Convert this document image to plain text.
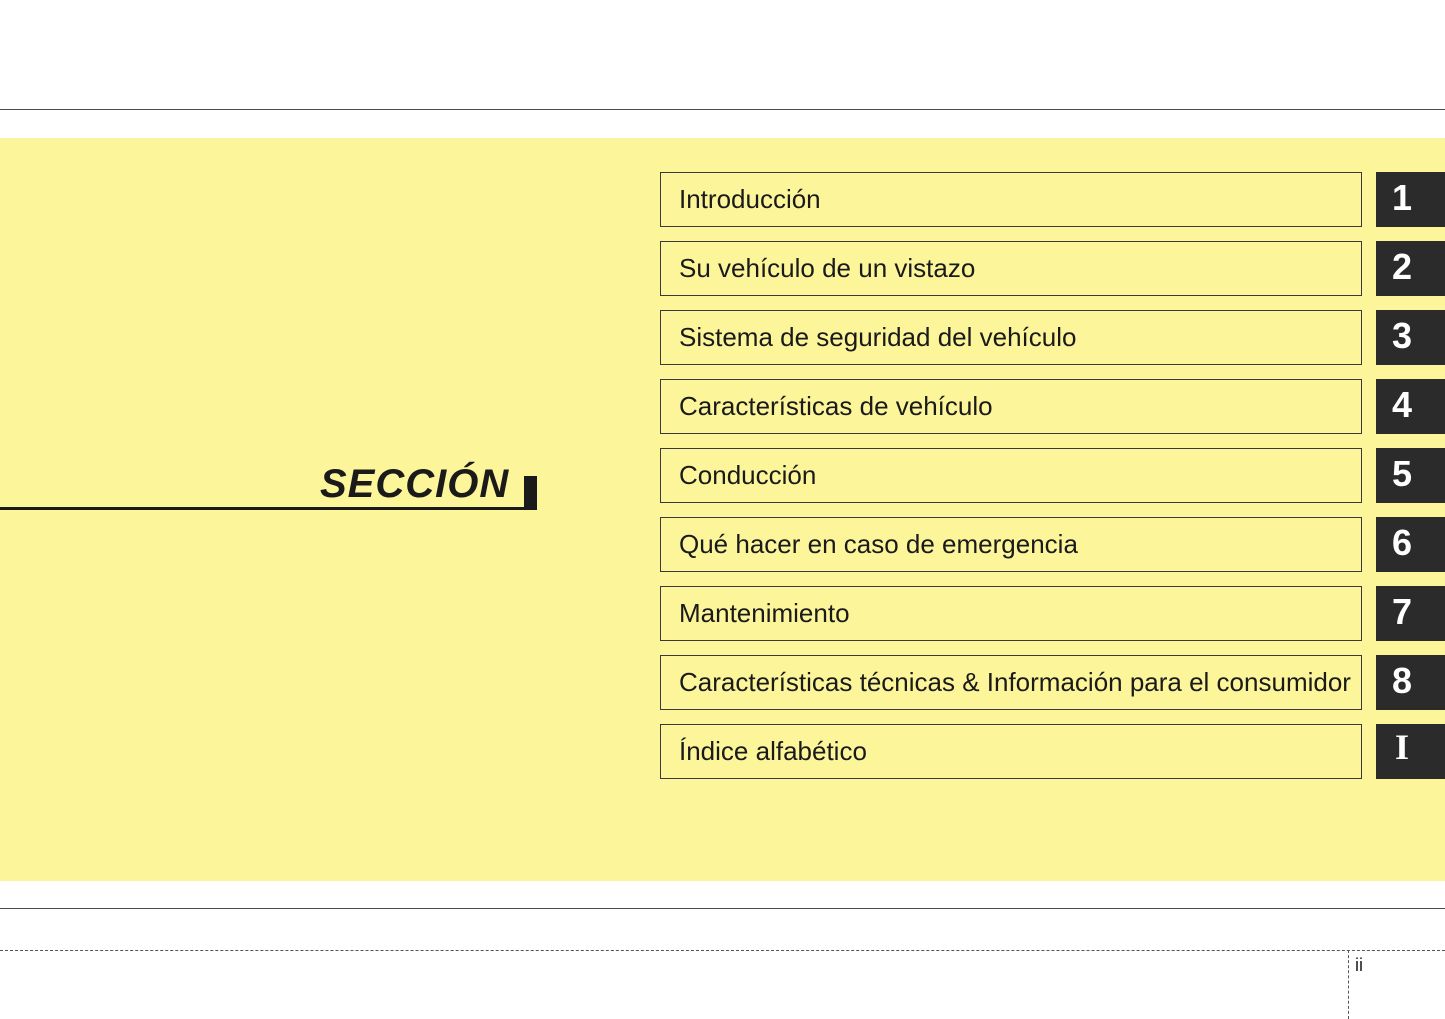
SECCIÓN
Introducción	1
Su vehículo de un vistazo	2
Sistema de seguridad del vehículo	3
Características de vehículo	4
Conducción	5
Qué hacer en caso de emergencia	6
Mantenimiento	7
Características técnicas & Información para el consumidor	8
Índice alfabético	I
ii
